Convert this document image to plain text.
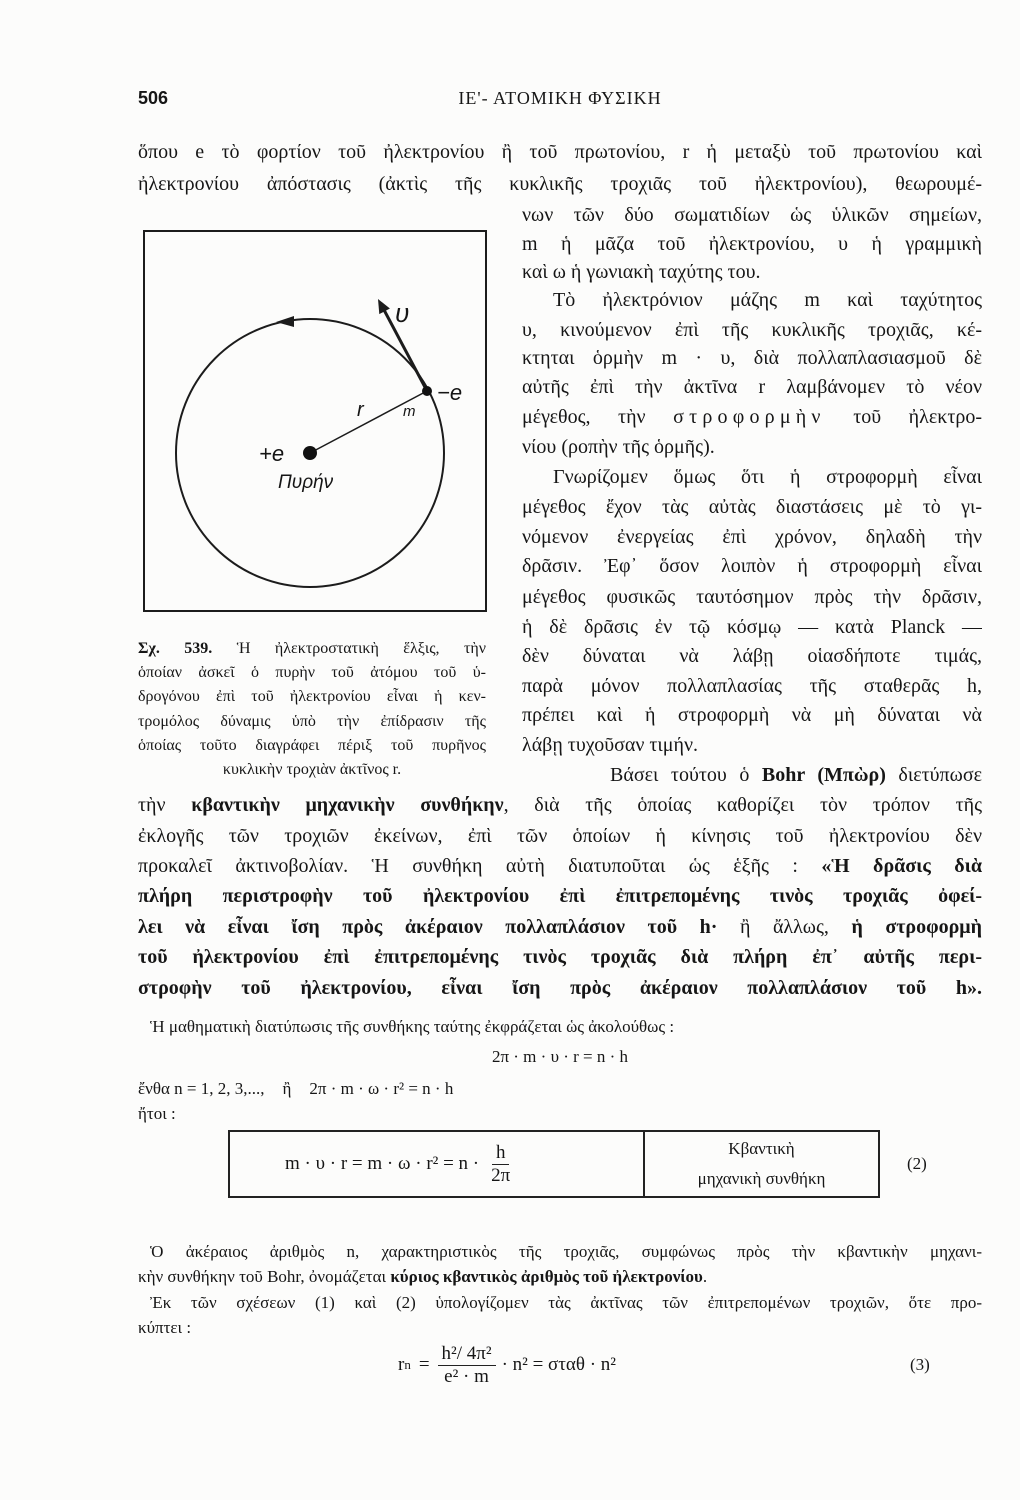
506	ΙΕ'- ΑΤΟΜΙΚΗ ΦΥΣΙΚΗ
ὅπου e τὸ φορτίον τοῦ ἠλεκτρονίου ἢ τοῦ πρωτονίου, r ἡ μεταξὺ τοῦ πρωτονίου καὶ
ἠλεκτρονίου ἀπόστασις (ἀκτὶς τῆς κυκλικῆς τροχιᾶς τοῦ ἠλεκτρονίου), θεωρουμέ-
νων τῶν δύο σωματιδίων ὡς ὑλικῶν σημείων,
m ἡ μᾶζα τοῦ ἠλεκτρονίου, υ ἡ γραμμικὴ
καὶ ω ἡ γωνιακὴ ταχύτης του.
Τὸ ἠλεκτρόνιον μάζης m καὶ ταχύτητος
υ, κινούμενον ἐπὶ τῆς κυκλικῆς τροχιᾶς, κέ-
κτηται ὁρμὴν m · υ, διὰ πολλαπλασιασμοῦ δὲ
αὐτῆς ἐπὶ τὴν ἀκτῖνα r λαμβάνομεν τὸ νέον
μέγεθος, τὴν στροφορμὴν τοῦ ἠλεκτρο-
νίου (ροπὴν τῆς ὁρμῆς).
Γνωρίζομεν ὅμως ὅτι ἡ στροφορμὴ εἶναι
μέγεθος ἔχον τὰς αὐτὰς διαστάσεις μὲ τὸ γι-
νόμενον ἐνεργείας ἐπὶ χρόνον, δηλαδὴ τὴν
δρᾶσιν. Ἐφ᾽ ὅσον λοιπὸν ἡ στροφορμὴ εἶναι
μέγεθος φυσικῶς ταυτόσημον πρὸς τὴν δρᾶσιν,
ἡ δὲ δρᾶσις ἐν τῷ κόσμῳ — κατὰ Planck —
δὲν δύναται νὰ λάβῃ οἱασδήποτε τιμάς,
παρὰ μόνον πολλαπλασίας τῆς σταθερᾶς h,
πρέπει καὶ ἡ στροφορμὴ νὰ μὴ δύναται νὰ
λάβῃ τυχοῦσαν τιμήν.
Βάσει τούτου ὁ Bohr (Μπὼρ) διετύπωσε
υ
−e
r	m
+e
Πυρήν
Σχ. 539. Ἡ ἠλεκτροστατικὴ ἕλξις, τὴν
ὁποίαν ἀσκεῖ ὁ πυρὴν τοῦ ἀτόμου τοῦ ὑ-
δρογόνου ἐπὶ τοῦ ἠλεκτρονίου εἶναι ἡ κεν-
τρομόλος δύναμις ὑπὸ τὴν ἐπίδρασιν τῆς
ὁποίας τοῦτο διαγράφει πέριξ τοῦ πυρῆνος
κυκλικὴν τροχιὰν ἀκτῖνος r.
τὴν κβαντικὴν μηχανικὴν συνθήκην, διὰ τῆς ὁποίας καθορίζει τὸν τρόπον τῆς
ἐκλογῆς τῶν τροχιῶν ἐκείνων, ἐπὶ τῶν ὁποίων ἡ κίνησις τοῦ ἠλεκτρονίου δὲν
προκαλεῖ ἀκτινοβολίαν. Ἡ συνθήκη αὐτὴ διατυποῦται ὡς ἑξῆς : «Ἡ δρᾶσις διὰ
πλήρη περιστροφὴν τοῦ ἠλεκτρονίου ἐπὶ ἐπιτρεπομένης τινὸς τροχιᾶς ὀφεί-
λει νὰ εἶναι ἴση πρὸς ἀκέραιον πολλαπλάσιον τοῦ h· ἢ ἄλλως, ἡ στροφορμὴ
τοῦ ἠλεκτρονίου ἐπὶ ἐπιτρεπομένης τινὸς τροχιᾶς διὰ πλήρη ἐπ᾽ αὐτῆς περι-
στροφὴν τοῦ ἠλεκτρονίου, εἶναι ἴση πρὸς ἀκέραιον πολλαπλάσιον τοῦ h».
Ἡ μαθηματικὴ διατύπωσις τῆς συνθήκης ταύτης ἐκφράζεται ὡς ἀκολούθως :
2π · m · υ · r = n · h
ἔνθα n = 1, 2, 3,..., ἢ 2π · m · ω · r² = n · h
ἤτοι :
$m \cdot \upsilon \cdot r = m \cdot \omega \cdot r^2 = n \cdot \frac{h}{2\pi}$	Κβαντικὴ
μηχανικὴ συνθήκη
(2)
Ὁ ἀκέραιος ἀριθμὸς n, χαρακτηριστικὸς τῆς τροχιᾶς, συμφώνως πρὸς τὴν κβαντικὴν μηχανι-
κὴν συνθήκην τοῦ Bohr, ὀνομάζεται κύριος κβαντικὸς ἀριθμὸς τοῦ ἠλεκτρονίου.
Ἐκ τῶν σχέσεων (1) καὶ (2) ὑπολογίζομεν τὰς ἀκτῖνας τῶν ἐπιτρεπομένων τροχιῶν, ὅτε προ-
κύπτει :
r $n = \frac{\text{h²/ 4π²}}{\text{e² · m}} \cdot n^2 = \sigma\tau\alpha\theta \cdot n^2$	(3)
